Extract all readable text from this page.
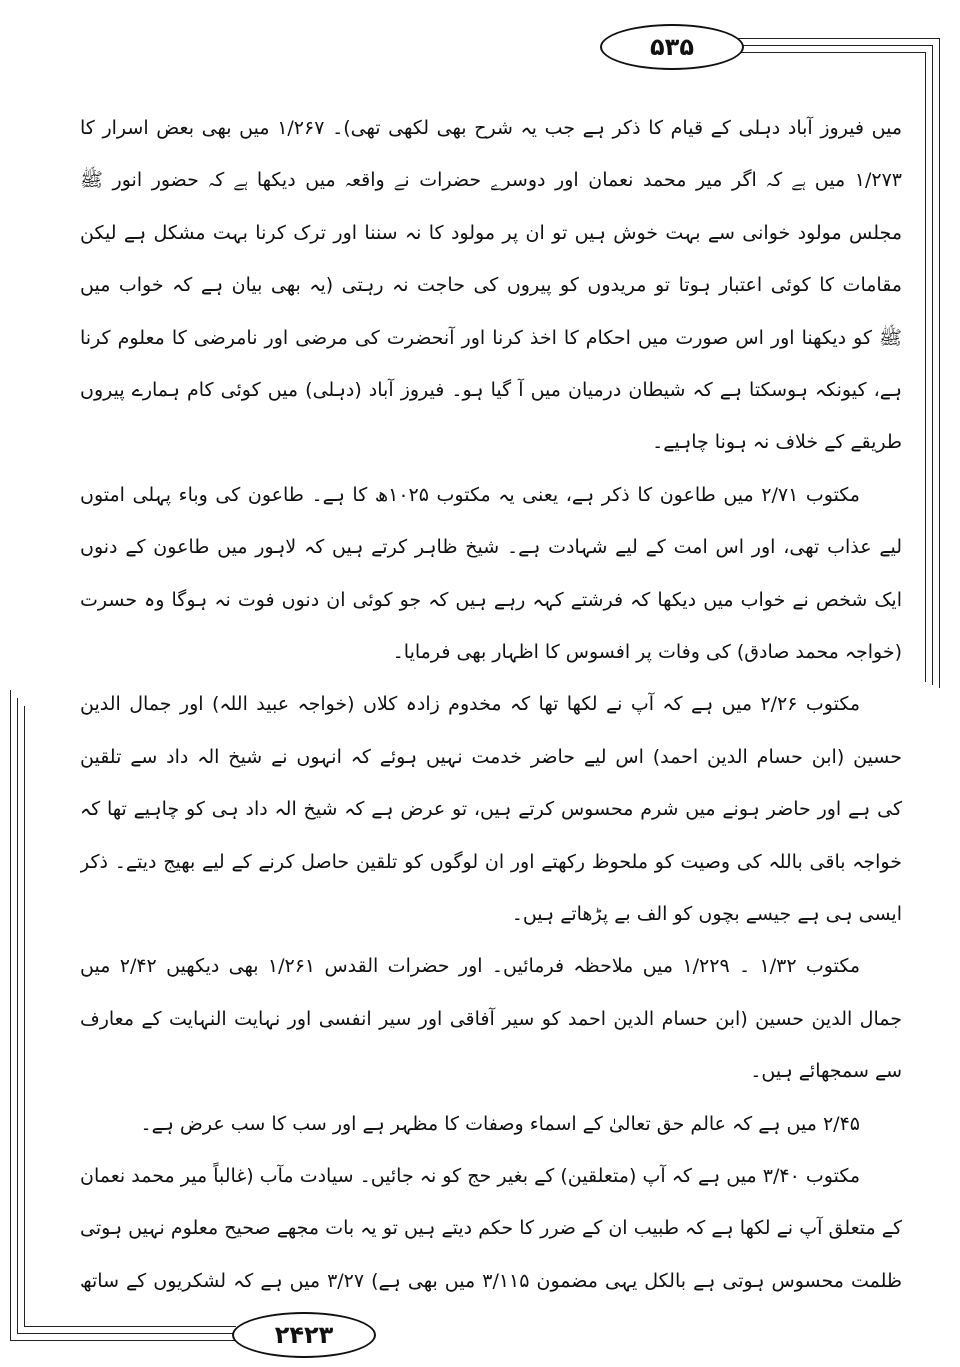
۵۳۵
۲۴۲۳
میں فیروز آباد دہلی کے قیام کا ذکر ہے جب یہ شرح بھی لکھی تھی)۔ ۱/۲۶۷ میں بھی بعض اسرار کا
۱/۲۷۳ میں ہے کہ اگر میر محمد نعمان اور دوسرے حضرات نے واقعہ میں دیکھا ہے کہ حضور انور ﷺ
مجلس مولود خوانی سے بہت خوش ہیں تو ان پر مولود کا نہ سننا اور ترک کرنا بہت مشکل ہے لیکن
مقامات کا کوئی اعتبار ہوتا تو مریدوں کو پیروں کی حاجت نہ رہتی (یہ بھی بیان ہے کہ خواب میں
ﷺ کو دیکھنا اور اس صورت میں احکام کا اخذ کرنا اور آنحضرت کی مرضی اور نامرضی کا معلوم کرنا
ہے، کیونکہ ہوسکتا ہے کہ شیطان درمیان میں آ گیا ہو۔ فیروز آباد (دہلی) میں کوئی کام ہمارے پیروں
طریقے کے خلاف نہ ہونا چاہیے۔
مکتوب ۲/۷۱ میں طاعون کا ذکر ہے، یعنی یہ مکتوب ۱۰۲۵ھ کا ہے۔ طاعون کی وباء پہلی امتوں
لیے عذاب تھی، اور اس امت کے لیے شہادت ہے۔ شیخ ظاہر کرتے ہیں کہ لاہور میں طاعون کے دنوں
ایک شخص نے خواب میں دیکھا کہ فرشتے کہہ رہے ہیں کہ جو کوئی ان دنوں فوت نہ ہوگا وہ حسرت
(خواجہ محمد صادق) کی وفات پر افسوس کا اظہار بھی فرمایا۔
مکتوب ۲/۲۶ میں ہے کہ آپ نے لکھا تھا کہ مخدوم زادہ کلاں (خواجہ عبید اللہ) اور جمال الدین
حسین (ابن حسام الدین احمد) اس لیے حاضر خدمت نہیں ہوئے کہ انہوں نے شیخ الہ داد سے تلقین
کی ہے اور حاضر ہونے میں شرم محسوس کرتے ہیں، تو عرض ہے کہ شیخ الہ داد ہی کو چاہیے تھا کہ
خواجہ باقی باللہ کی وصیت کو ملحوظ رکھتے اور ان لوگوں کو تلقین حاصل کرنے کے لیے بھیج دیتے۔ ذکر
ایسی ہی ہے جیسے بچوں کو الف بے پڑھاتے ہیں۔
مکتوب ۱/۳۲ ۔ ۱/۲۲۹ میں ملاحظہ فرمائیں۔ اور حضرات القدس ۱/۲۶۱ بھی دیکھیں ۲/۴۲ میں
جمال الدین حسین (ابن حسام الدین احمد کو سیر آفاقی اور سیر انفسی اور نہایت النہایت کے معارف
سے سمجھائے ہیں۔
۲/۴۵ میں ہے کہ عالم حق تعالیٰ کے اسماء وصفات کا مظہر ہے اور سب کا سب عرض ہے۔
مکتوب ۳/۴۰ میں ہے کہ آپ (متعلقین) کے بغیر حج کو نہ جائیں۔ سیادت مآب (غالباً میر محمد نعمان
کے متعلق آپ نے لکھا ہے کہ طبیب ان کے ضرر کا حکم دیتے ہیں تو یہ بات مجھے صحیح معلوم نہیں ہوتی
ظلمت محسوس ہوتی ہے بالکل یہی مضمون ۳/۱۱۵ میں بھی ہے) ۳/۲۷ میں ہے کہ لشکریوں کے ساتھ
